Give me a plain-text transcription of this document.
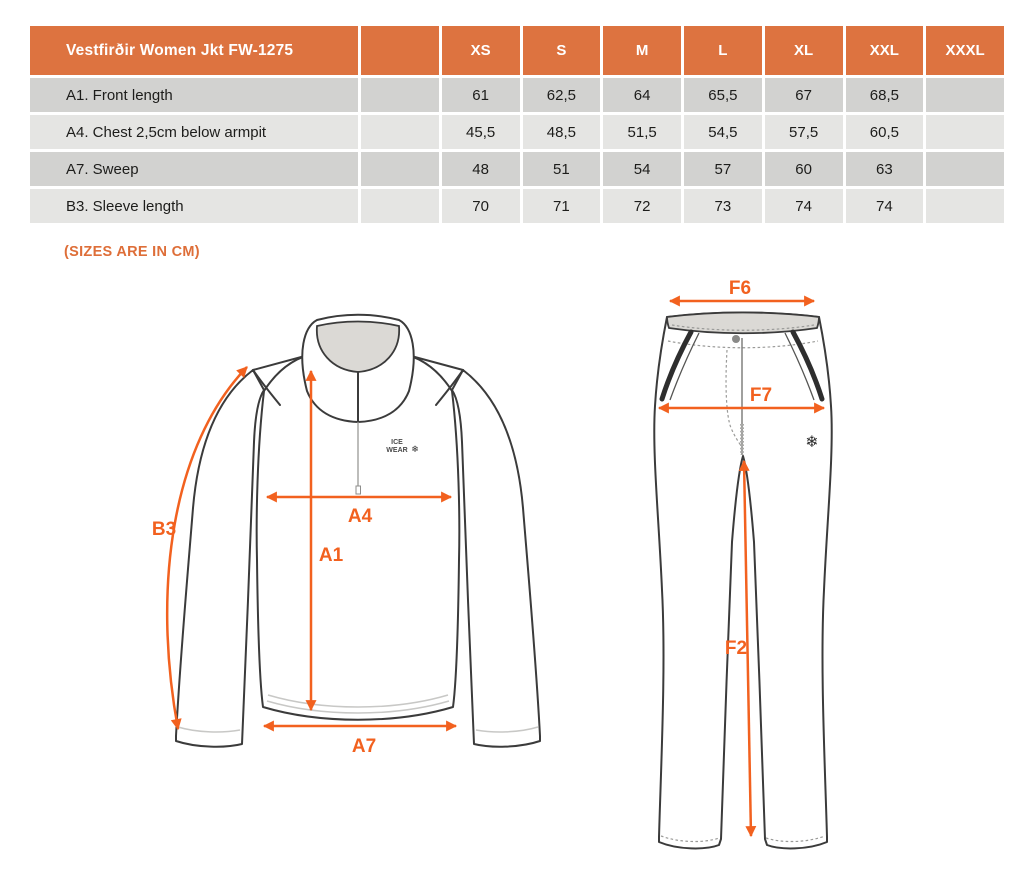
Vestfirðir Women Jkt FW-1275	XS	S	M	L	XL	XXL	XXXL
A1. Front length	61	62,5	64	65,5	67	68,5
A4. Chest 2,5cm below armpit	45,5	48,5	51,5	54,5	57,5	60,5
A7. Sweep	48	51	54	57	60	63
B3. Sleeve length	70	71	72	73	74	74
(SIZES ARE IN CM)
ICE
WEAR ❄
A4
A1
B3
A7
❄
F6
F7
F2
